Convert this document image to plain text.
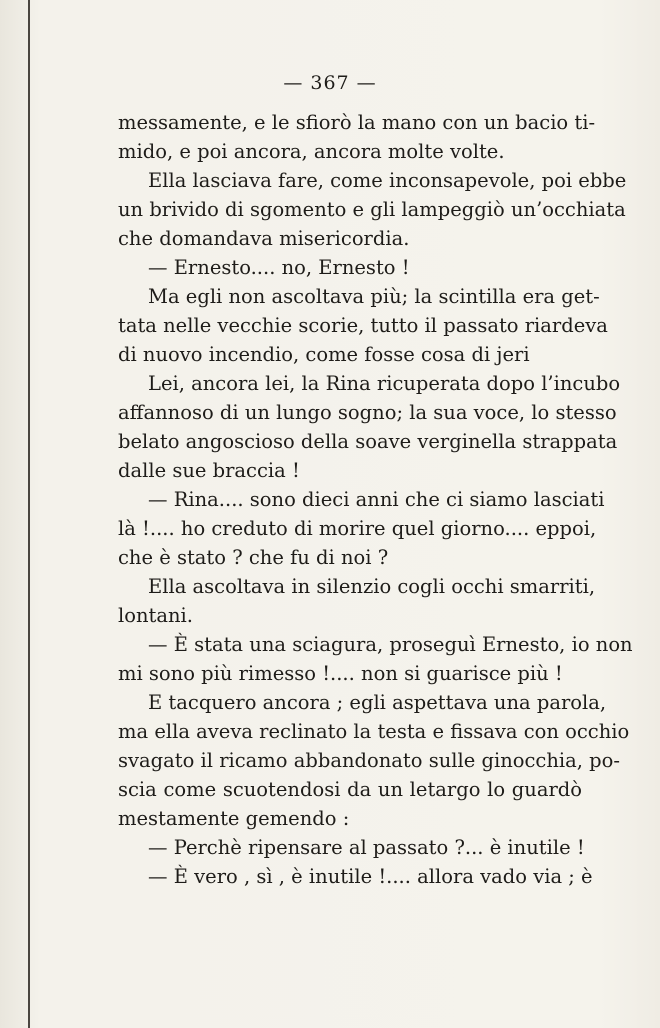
— 367 —
messamente, e le sfiorò la mano con un bacio ti-
mido, e poi ancora, ancora molte volte.
Ella lasciava fare, come inconsapevole, poi ebbe
un brivido di sgomento e gli lampeggiò un’occhiata
che domandava misericordia.
— Ernesto.... no, Ernesto !
Ma egli non ascoltava più; la scintilla era get-
tata nelle vecchie scorie, tutto il passato riardeva
di nuovo incendio, come fosse cosa di jeri
Lei, ancora lei, la Rina ricuperata dopo l’incubo
affannoso di un lungo sogno; la sua voce, lo stesso
belato angoscioso della soave verginella strappata
dalle sue braccia !
— Rina.... sono dieci anni che ci siamo lasciati
là !.... ho creduto di morire quel giorno.... eppoi,
che è stato ? che fu di noi ?
Ella ascoltava in silenzio cogli occhi smarriti,
lontani.
— È stata una sciagura, proseguì Ernesto, io non
mi sono più rimesso !.... non si guarisce più !
E tacquero ancora ; egli aspettava una parola,
ma ella aveva reclinato la testa e fissava con occhio
svagato il ricamo abbandonato sulle ginocchia, po-
scia come scuotendosi da un letargo lo guardò
mestamente gemendo :
— Perchè ripensare al passato ?... è inutile !
— È vero , sì , è inutile !.... allora vado via ; è
